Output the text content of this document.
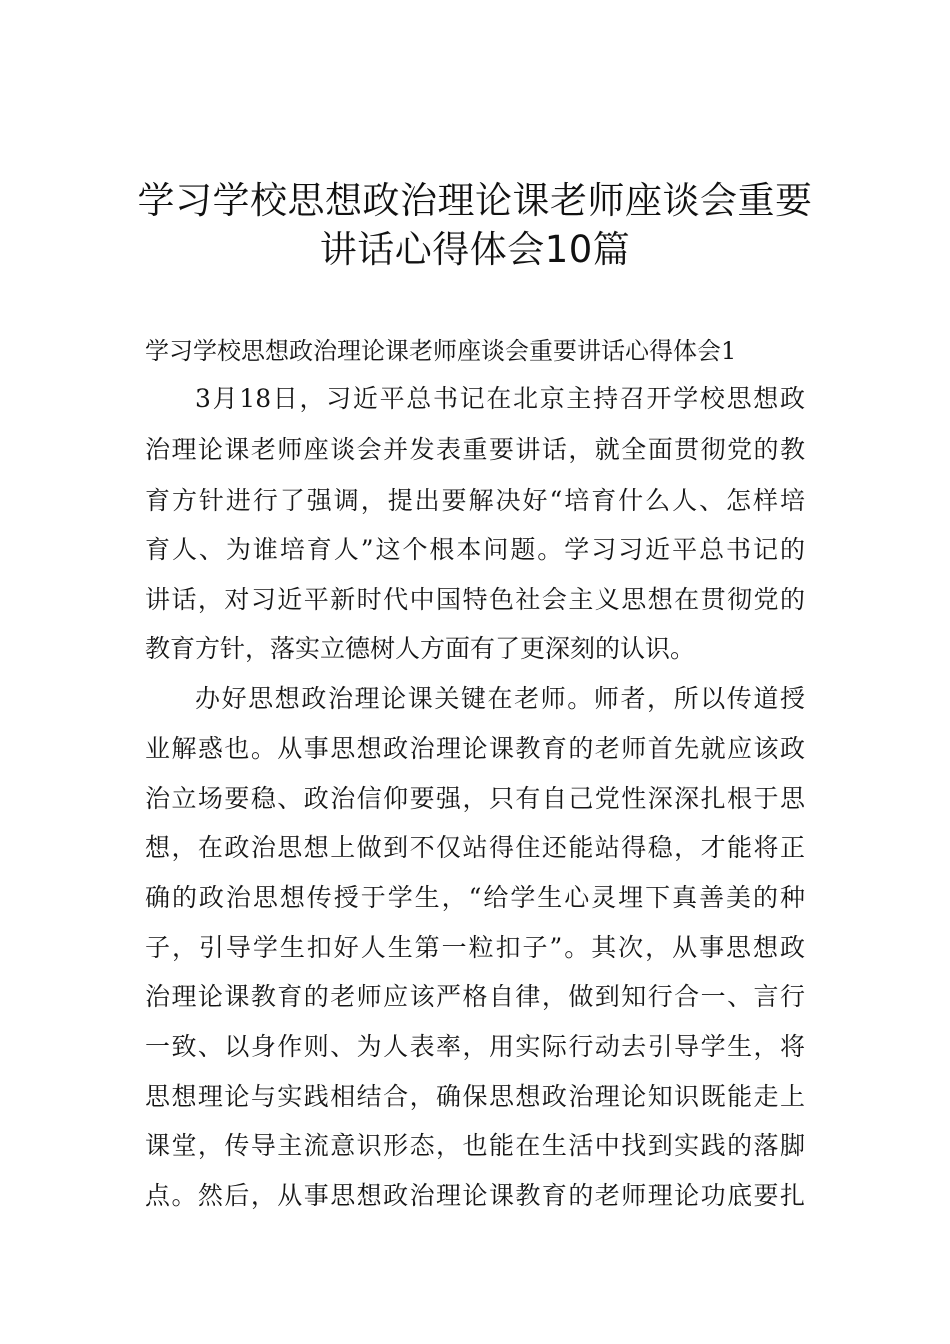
学习学校思想政治理论课老师座谈会重要
讲话心得体会10篇
学习学校思想政治理论课老师座谈会重要讲话心得体会1
3月18日，习近平总书记在北京主持召开学校思想政
治理论课老师座谈会并发表重要讲话，就全面贯彻党的教
育方针进行了强调，提出要解决好“培育什么人、怎样培
育人、为谁培育人”这个根本问题。学习习近平总书记的
讲话，对习近平新时代中国特色社会主义思想在贯彻党的
教育方针，落实立德树人方面有了更深刻的认识。
办好思想政治理论课关键在老师。师者，所以传道授
业解惑也。从事思想政治理论课教育的老师首先就应该政
治立场要稳、政治信仰要强，只有自己党性深深扎根于思
想，在政治思想上做到不仅站得住还能站得稳，才能将正
确的政治思想传授于学生，“给学生心灵埋下真善美的种
子，引导学生扣好人生第一粒扣子”。其次，从事思想政
治理论课教育的老师应该严格自律，做到知行合一、言行
一致、以身作则、为人表率，用实际行动去引导学生，将
思想理论与实践相结合，确保思想政治理论知识既能走上
课堂，传导主流意识形态，也能在生活中找到实践的落脚
点。然后，从事思想政治理论课教育的老师理论功底要扎
